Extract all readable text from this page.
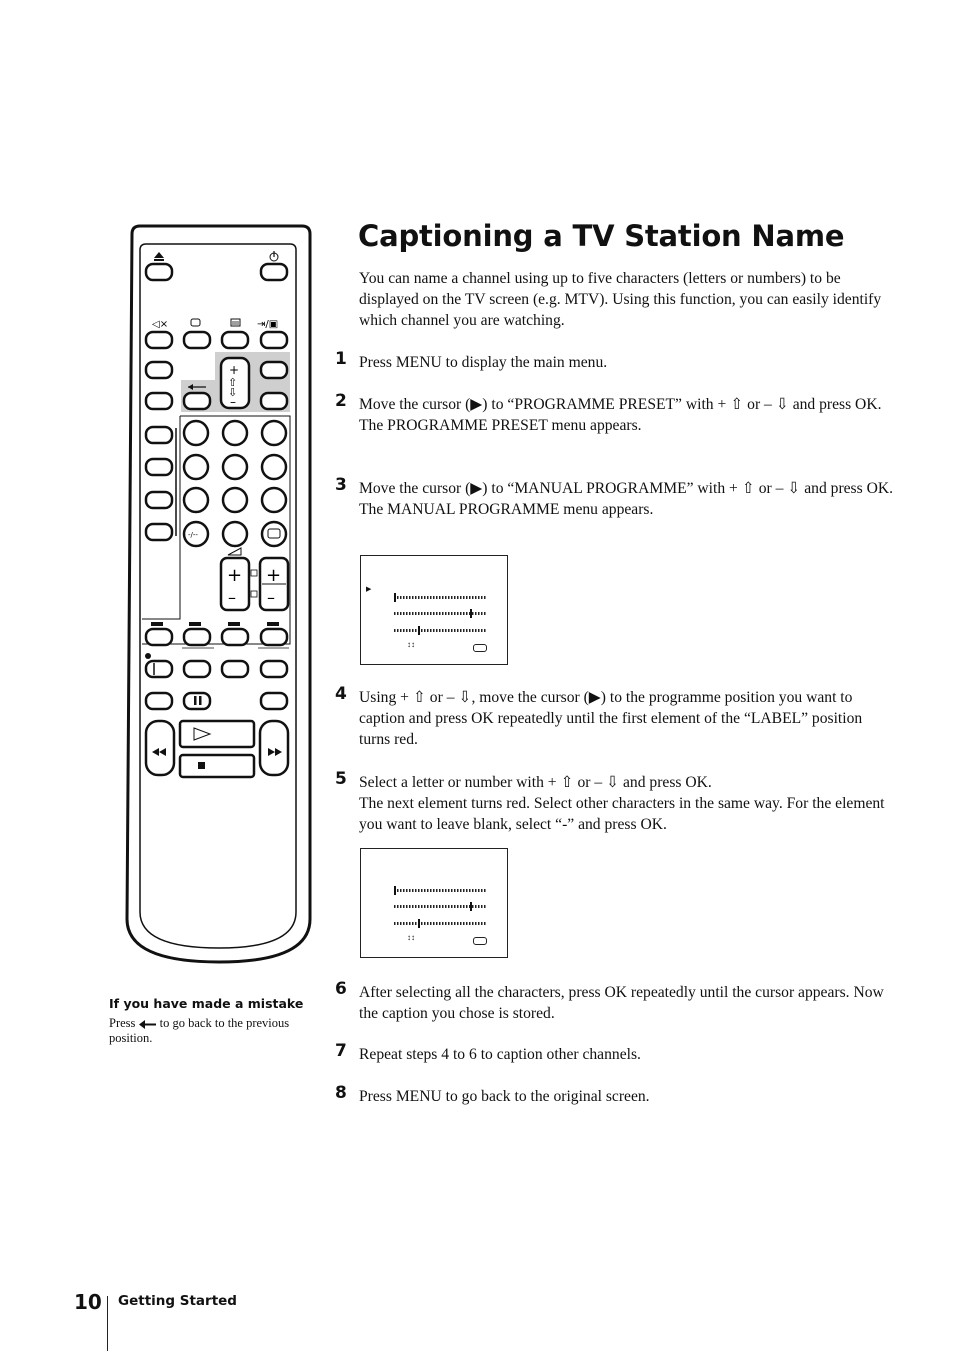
◁×	⇥/▣
+
⇧
⇩
–
-/--
+
–
+
–
Captioning a TV Station Name

You can name a channel using up to five characters (letters or numbers) to be displayed on the TV screen (e.g. MTV). Using this function, you can easily identify which channel you are watching.

1 Press MENU to display the main menu.
2 Move the cursor (▶) to “PROGRAMME PRESET” with + ⇧ or – ⇩ and press OK.
The PROGRAMME PRESET menu appears.
3 Move the cursor (▶) to “MANUAL PROGRAMME” with + ⇧ or – ⇩ and press OK.
The MANUAL PROGRAMME menu appears.
▶
↕↕
4 Using + ⇧ or – ⇩, move the cursor (▶) to the programme position you want to caption and press OK repeatedly until the first element of the “LABEL” position turns red.
5 Select a letter or number with + ⇧ or – ⇩ and press OK.
The next element turns red. Select other characters in the same way. For the element you want to leave blank, select “-” and press OK.
↕↕
6 After selecting all the characters, press OK repeatedly until the cursor appears. Now the caption you chose is stored.
7 Repeat steps 4 to 6 to caption other channels.
8 Press MENU to go back to the original screen.

If you have made a mistake

Press to go back to the previous position.

10 Getting Started
